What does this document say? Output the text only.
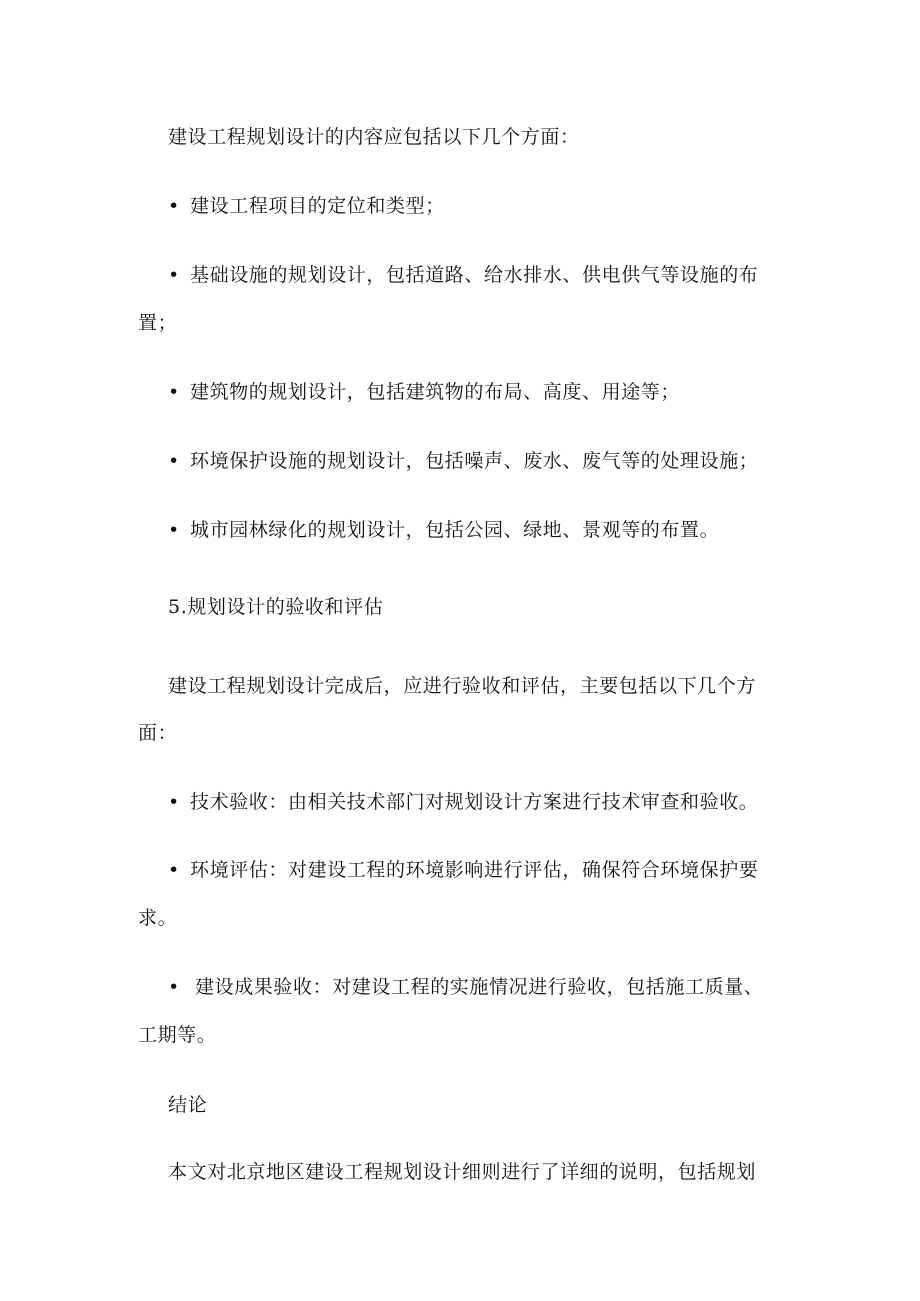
建设工程规划设计的内容应包括以下几个方面：
• 建设工程项目的定位和类型；
• 基础设施的规划设计，包括道路、给水排水、供电供气等设施的布
置；
• 建筑物的规划设计，包括建筑物的布局、高度、用途等；
• 环境保护设施的规划设计，包括噪声、废水、废气等的处理设施；
• 城市园林绿化的规划设计，包括公园、绿地、景观等的布置。
5.规划设计的验收和评估
建设工程规划设计完成后，应进行验收和评估，主要包括以下几个方
面：
• 技术验收：由相关技术部门对规划设计方案进行技术审查和验收。
• 环境评估：对建设工程的环境影响进行评估，确保符合环境保护要
求。
• 建设成果验收：对建设工程的实施情况进行验收，包括施工质量、
工期等。
结论
本文对北京地区建设工程规划设计细则进行了详细的说明，包括规划
